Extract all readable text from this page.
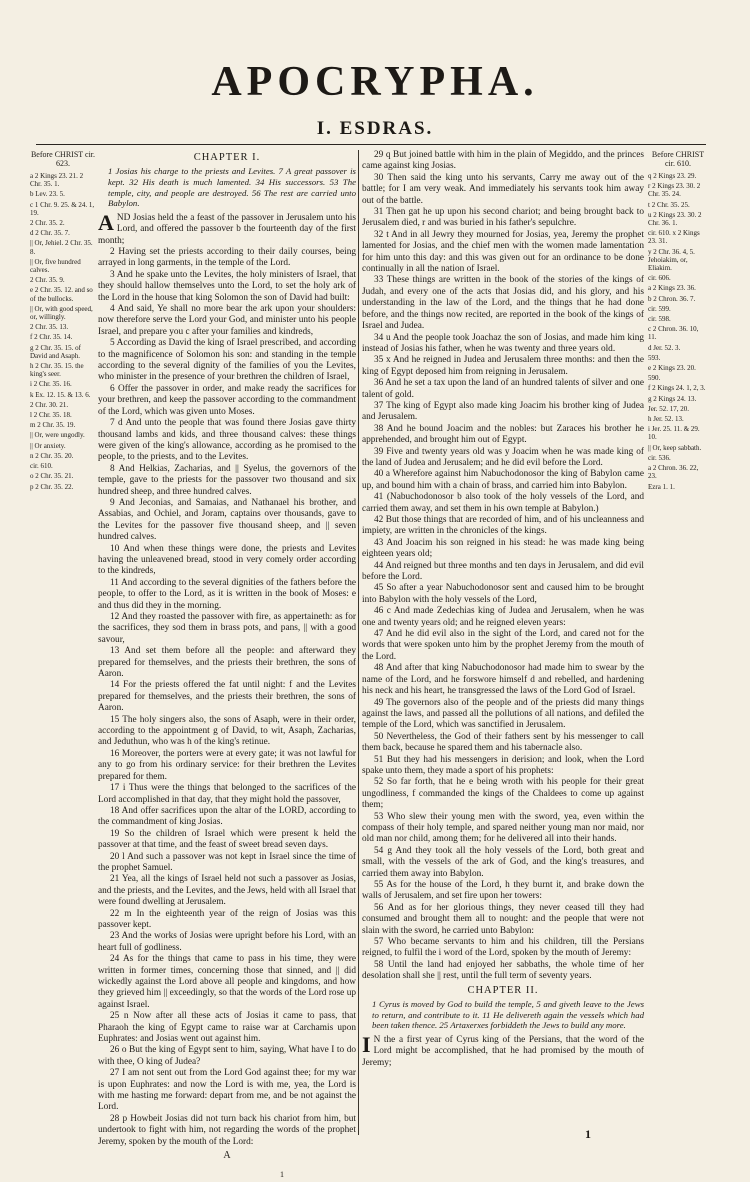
APOCRYPHA.
I. ESDRAS.
Before CHRIST cir. 623.
a 2 Kings 23. 21. 2 Chr. 35. 1.
b Lev. 23. 5.
c 1 Chr. 9. 25. & 24. 1, 19.
2 Chr. 35. 2.
d 2 Chr. 35. 7.
|| Or, Jehiel. 2 Chr. 35. 8.
|| Or, five hundred calves.
2 Chr. 35. 9.
e 2 Chr. 35. 12. and so of the bullocks.
|| Or, with good speed, or, willingly.
2 Chr. 35. 13.
f 2 Chr. 35. 14.
g 2 Chr. 35. 15. of David and Asaph.
h 2 Chr. 35. 15. the king's seer.
i 2 Chr. 35. 16.
k Ex. 12. 15. & 13. 6.
2 Chr. 30. 21.
l 2 Chr. 35. 18.
m 2 Chr. 35. 19.
|| Or, were ungodly.
|| Or anxiety.
n 2 Chr. 35. 20.
cir. 610.
o 2 Chr. 35. 21.
p 2 Chr. 35. 22.
CHAPTER I.
1 Josias his charge to the priests and Levites. 7 A great passover is kept. 32 His death is much lamented. 34 His successors. 53 The temple, city, and people are destroyed. 56 The rest are carried unto Babylon.

AND Josias held the a feast of the passover in Jerusalem unto his Lord, and offered the passover b the fourteenth day of the first month;

2 Having set the priests according to their daily courses, being arrayed in long garments, in the temple of the Lord.

3 And he spake unto the Levites, the holy ministers of Israel, that they should hallow themselves unto the Lord, to set the holy ark of the Lord in the house that king Solomon the son of David had built:

4 And said, Ye shall no more bear the ark upon your shoulders: now therefore serve the Lord your God, and minister unto his people Israel, and prepare you c after your families and kindreds,

5 According as David the king of Israel prescribed, and according to the magnificence of Solomon his son: and standing in the temple according to the several dignity of the families of you the Levites, who minister in the presence of your brethren the children of Israel,

6 Offer the passover in order, and make ready the sacrifices for your brethren, and keep the passover according to the commandment of the Lord, which was given unto Moses.

7 d And unto the people that was found there Josias gave thirty thousand lambs and kids, and three thousand calves: these things were given of the king's allowance, according as he promised to the people, to the priests, and to the Levites.

8 And Helkias, Zacharias, and || Syelus, the governors of the temple, gave to the priests for the passover two thousand and six hundred sheep, and three hundred calves.

9 And Jeconias, and Samaias, and Nathanael his brother, and Assabias, and Ochiel, and Joram, captains over thousands, gave to the Levites for the passover five thousand sheep, and || seven hundred calves.

10 And when these things were done, the priests and Levites having the unleavened bread, stood in very comely order according to the kindreds,

11 And according to the several dignities of the fathers before the people, to offer to the Lord, as it is written in the book of Moses: e and thus did they in the morning.

12 And they roasted the passover with fire, as appertaineth: as for the sacrifices, they sod them in brass pots, and pans, || with a good savour,

13 And set them before all the people: and afterward they prepared for themselves, and the priests their brethren, the sons of Aaron.

14 For the priests offered the fat until night: f and the Levites prepared for themselves, and the priests their brethren, the sons of Aaron.

15 The holy singers also, the sons of Asaph, were in their order, according to the appointment g of David, to wit, Asaph, Zacharias, and Jeduthun, who was h of the king's retinue.

16 Moreover, the porters were at every gate; it was not lawful for any to go from his ordinary service: for their brethren the Levites prepared for them.

17 i Thus were the things that belonged to the sacrifices of the Lord accomplished in that day, that they might hold the passover,

18 And offer sacrifices upon the altar of the LORD, according to the commandment of king Josias.

19 So the children of Israel which were present k held the passover at that time, and the feast of sweet bread seven days.

20 l And such a passover was not kept in Israel since the time of the prophet Samuel.

21 Yea, all the kings of Israel held not such a passover as Josias, and the priests, and the Levites, and the Jews, held with all Israel that were found dwelling at Jerusalem.

22 m In the eighteenth year of the reign of Josias was this passover kept.

23 And the works of Josias were upright before his Lord, with an heart full of godliness.

24 As for the things that came to pass in his time, they were written in former times, concerning those that sinned, and || did wickedly against the Lord above all people and kingdoms, and how they grieved him || exceedingly, so that the words of the Lord rose up against Israel.

25 n Now after all these acts of Josias it came to pass, that Pharaoh the king of Egypt came to raise war at Carchamis upon Euphrates: and Josias went out against him.

26 o But the king of Egypt sent to him, saying, What have I to do with thee, O king of Judea?

27 I am not sent out from the Lord God against thee; for my war is upon Euphrates: and now the Lord is with me, yea, the Lord is with me hasting me forward: depart from me, and be not against the Lord.

28 p Howbeit Josias did not turn back his chariot from him, but undertook to fight with him, not regarding the words of the prophet Jeremy, spoken by the mouth of the Lord:

A

29 q But joined battle with him in the plain of Megiddo, and the princes came against king Josias.

30 Then said the king unto his servants, Carry me away out of the battle; for I am very weak. And immediately his servants took him away out of the battle.

31 Then gat he up upon his second chariot; and being brought back to Jerusalem died, r and was buried in his father's sepulchre.

32 t And in all Jewry they mourned for Josias, yea, Jeremy the prophet lamented for Josias, and the chief men with the women made lamentation for him unto this day: and this was given out for an ordinance to be done continually in all the nation of Israel.

33 These things are written in the book of the stories of the kings of Judah, and every one of the acts that Josias did, and his glory, and his understanding in the law of the Lord, and the things that he had done before, and the things now recited, are reported in the book of the kings of Israel and Judea.

34 u And the people took Joachaz the son of Josias, and made him king instead of Josias his father, when he was twenty and three years old.

35 x And he reigned in Judea and Jerusalem three months: and then the king of Egypt deposed him from reigning in Jerusalem.

36 And he set a tax upon the land of an hundred talents of silver and one talent of gold.

37 The king of Egypt also made king Joacim his brother king of Judea and Jerusalem.

38 And he bound Joacim and the nobles: but Zaraces his brother he apprehended, and brought him out of Egypt.

39 Five and twenty years old was y Joacim when he was made king of the land of Judea and Jerusalem; and he did evil before the Lord.

40 a Wherefore against him Nabuchodonosor the king of Babylon came up, and bound him with a chain of brass, and carried him into Babylon.

41 (Nabuchodonosor b also took of the holy vessels of the Lord, and carried them away, and set them in his own temple at Babylon.)

42 But those things that are recorded of him, and of his uncleanness and impiety, are written in the chronicles of the kings.

43 And Joacim his son reigned in his stead: he was made king being eighteen years old;

44 And reigned but three months and ten days in Jerusalem, and did evil before the Lord.

45 So after a year Nabuchodonosor sent and caused him to be brought into Babylon with the holy vessels of the Lord,

46 c And made Zedechias king of Judea and Jerusalem, when he was one and twenty years old; and he reigned eleven years:

47 And he did evil also in the sight of the Lord, and cared not for the words that were spoken unto him by the prophet Jeremy from the mouth of the Lord.

48 And after that king Nabuchodonosor had made him to swear by the name of the Lord, and he forswore himself d and rebelled, and hardening his neck and his heart, he transgressed the laws of the Lord God of Israel.

49 The governors also of the people and of the priests did many things against the laws, and passed all the pollutions of all nations, and defiled the temple of the Lord, which was sanctified in Jerusalem.

50 Nevertheless, the God of their fathers sent by his messenger to call them back, because he spared them and his tabernacle also.

51 But they had his messengers in derision; and look, when the Lord spake unto them, they made a sport of his prophets:

52 So far forth, that he e being wroth with his people for their great ungodliness, f commanded the kings of the Chaldees to come up against them;

53 Who slew their young men with the sword, yea, even within the compass of their holy temple, and spared neither young man nor maid, nor old man nor child, among them; for he delivered all into their hands.

54 g And they took all the holy vessels of the Lord, both great and small, with the vessels of the ark of God, and the king's treasures, and carried them away into Babylon.

55 As for the house of the Lord, h they burnt it, and brake down the walls of Jerusalem, and set fire upon her towers:

56 And as for her glorious things, they never ceased till they had consumed and brought them all to nought: and the people that were not slain with the sword, he carried unto Babylon:

57 Who became servants to him and his children, till the Persians reigned, to fulfil the i word of the Lord, spoken by the mouth of Jeremy:

58 Until the land had enjoyed her sabbaths, the whole time of her desolation shall she || rest, until the full term of seventy years.

CHAPTER II.
1 Cyrus is moved by God to build the temple, 5 and giveth leave to the Jews to return, and contribute to it. 11 He delivereth again the vessels which had been taken thence. 25 Artaxerxes forbiddeth the Jews to build any more.

I N the a first year of Cyrus king of the Persians, that the word of the Lord might be accomplished, that he had promised by the mouth of Jeremy;

Before CHRIST cir. 610.
q 2 Kings 23. 29.
r 2 Kings 23. 30. 2 Chr. 35. 24.
t 2 Chr. 35. 25.
u 2 Kings 23. 30. 2 Chr. 36. 1.
cir. 610. x 2 Kings 23. 31.
y 2 Chr. 36. 4, 5. Jehoiakim, or, Eliakim.
cir. 606.
a 2 Kings 23. 36.
b 2 Chron. 36. 7.
cir. 599.
cir. 598.
c 2 Chron. 36. 10, 11.
d Jer. 52. 3.
593.
e 2 Kings 23. 20.
590.
f 2 Kings 24. 1, 2, 3.
g 2 Kings 24. 13.
Jer. 52. 17, 20.
h Jer. 52. 13.
i Jer. 25. 11. & 29. 10.
|| Or, keep sabbath.
cir. 536.
a 2 Chron. 36. 22, 23.
Ezra 1. 1.
1
1
